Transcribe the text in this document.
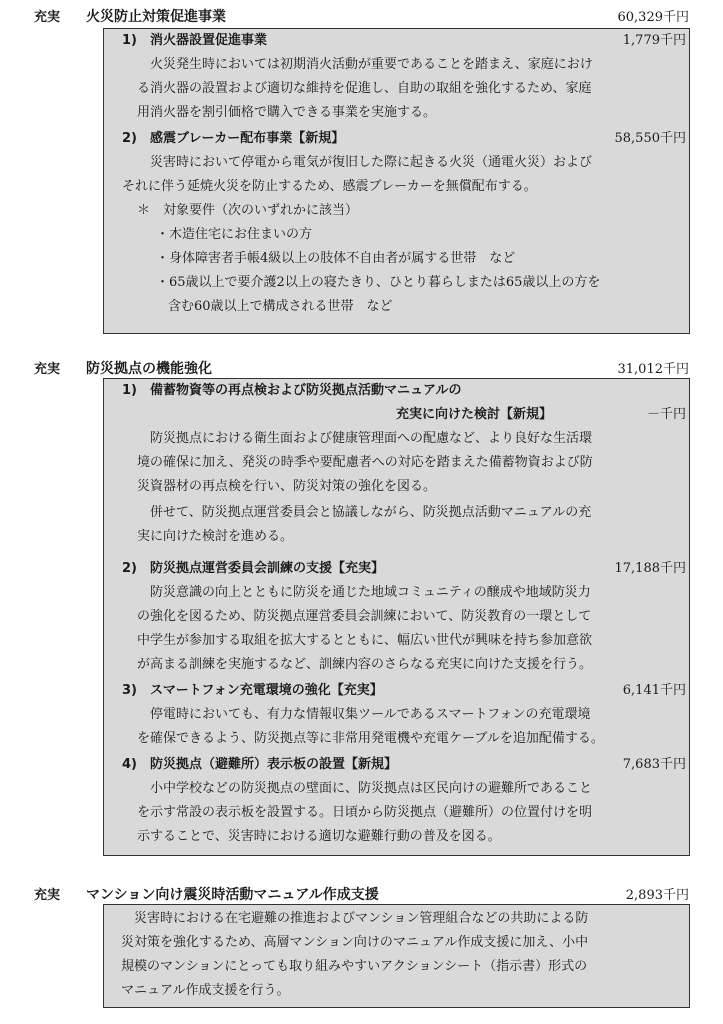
充実 火災防止対策促進事業	60,329千円
1) 消火器設置促進事業	1,779千円
火災発生時においては初期消火活動が重要であることを踏まえ、家庭におけ
る消火器の設置および適切な維持を促進し、自助の取組を強化するため、家庭
用消火器を割引価格で購入できる事業を実施する。
2) 感震ブレーカー配布事業【新規】	58,550千円
災害時において停電から電気が復旧した際に起きる火災（通電火災）および
それに伴う延焼火災を防止するため、感震ブレーカーを無償配布する。
＊　対象要件（次のいずれかに該当）
・木造住宅にお住まいの方
・身体障害者手帳4級以上の肢体不自由者が属する世帯　など
・65歳以上で要介護2以上の寝たきり、ひとり暮らしまたは65歳以上の方を
含む60歳以上で構成される世帯　など
充実 防災拠点の機能強化	31,012千円
1) 備蓄物資等の再点検および防災拠点活動マニュアルの
充実に向けた検討【新規】	－千円
防災拠点における衛生面および健康管理面への配慮など、より良好な生活環
境の確保に加え、発災の時季や要配慮者への対応を踏まえた備蓄物資および防
災資器材の再点検を行い、防災対策の強化を図る。
併せて、防災拠点運営委員会と協議しながら、防災拠点活動マニュアルの充
実に向けた検討を進める。
2) 防災拠点運営委員会訓練の支援【充実】	17,188千円
防災意識の向上とともに防災を通じた地域コミュニティの醸成や地域防災力
の強化を図るため、防災拠点運営委員会訓練において、防災教育の一環として
中学生が参加する取組を拡大するとともに、幅広い世代が興味を持ち参加意欲
が高まる訓練を実施するなど、訓練内容のさらなる充実に向けた支援を行う。
3) スマートフォン充電環境の強化【充実】	6,141千円
停電時においても、有力な情報収集ツールであるスマートフォンの充電環境
を確保できるよう、防災拠点等に非常用発電機や充電ケーブルを追加配備する。
4) 防災拠点（避難所）表示板の設置【新規】	7,683千円
小中学校などの防災拠点の壁面に、防災拠点は区民向けの避難所であること
を示す常設の表示板を設置する。日頃から防災拠点（避難所）の位置付けを明
示することで、災害時における適切な避難行動の普及を図る。
充実 マンション向け震災時活動マニュアル作成支援	2,893千円
災害時における在宅避難の推進およびマンション管理組合などの共助による防
災対策を強化するため、高層マンション向けのマニュアル作成支援に加え、小中
規模のマンションにとっても取り組みやすいアクションシート（指示書）形式の
マニュアル作成支援を行う。
